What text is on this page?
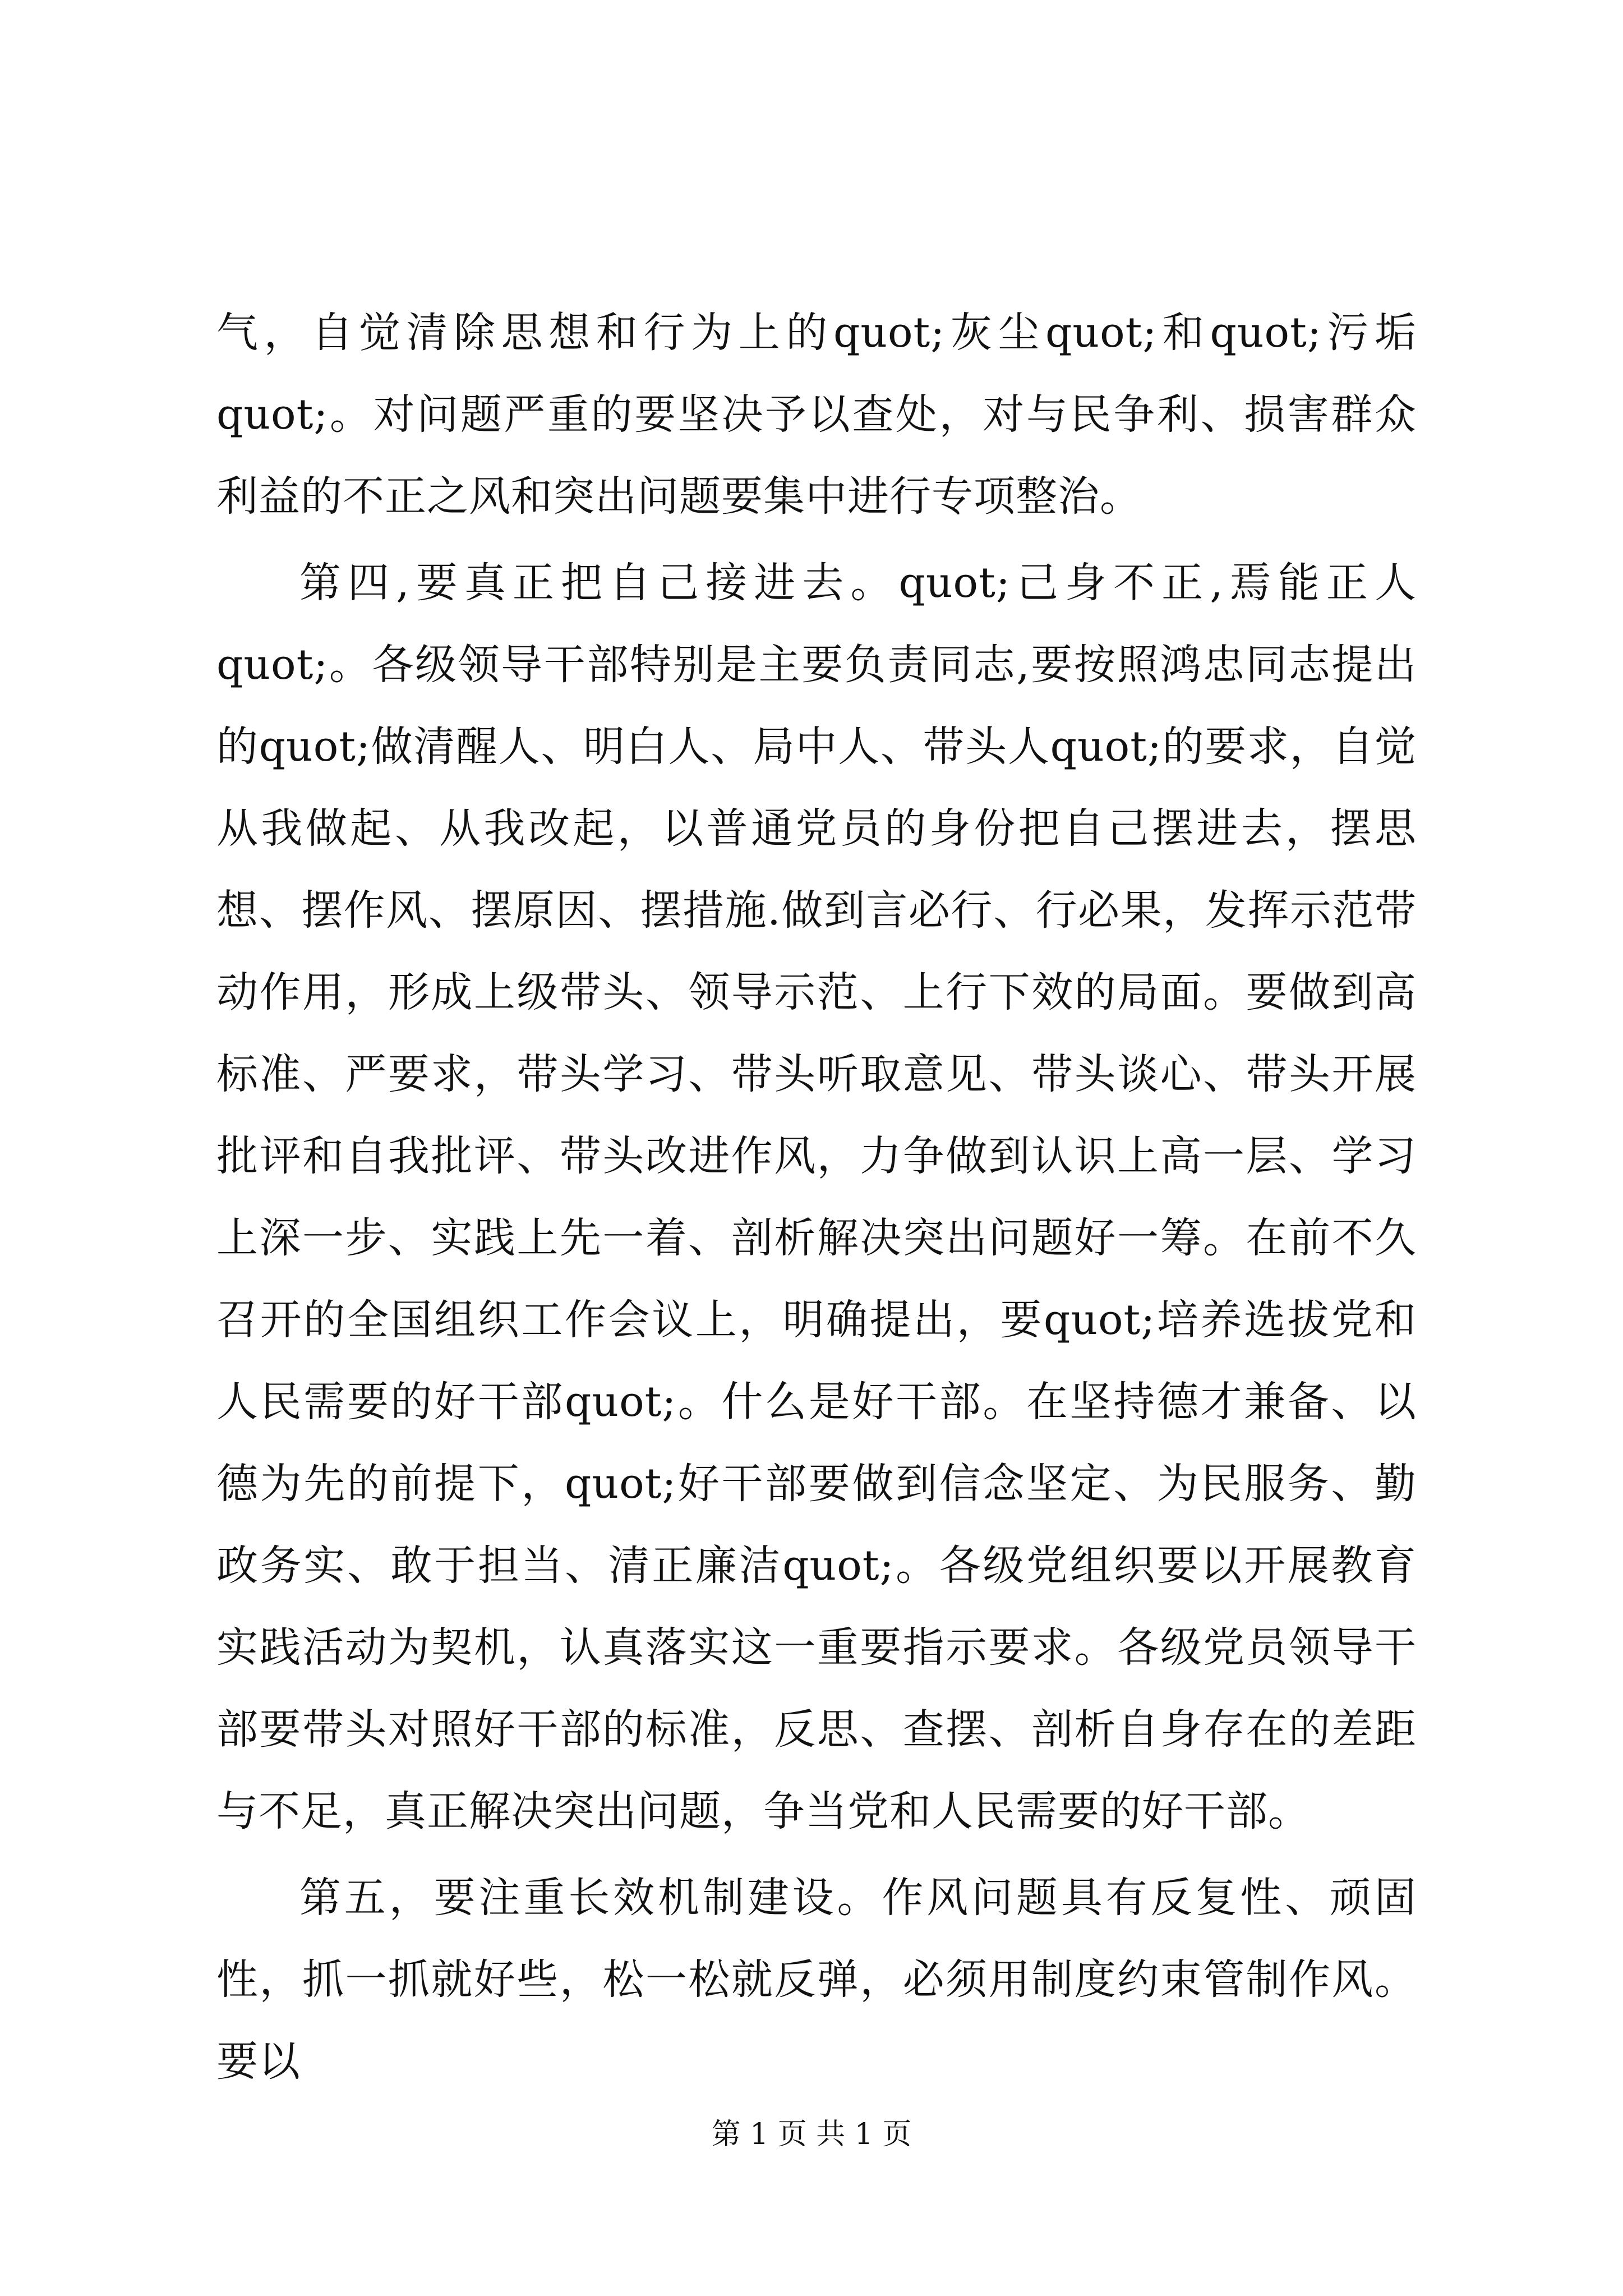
气，自觉清除思想和行为上的quot;灰尘quot;和quot;污垢quot;。对问题严重的要坚决予以查处，对与民争利、损害群众利益的不正之风和突出问题要集中进行专项整治。

第四,要真正把自己接进去。quot;己身不正,焉能正人quot;。各级领导干部特别是主要负责同志,要按照鸿忠同志提出的quot;做清醒人、明白人、局中人、带头人quot;的要求，自觉从我做起、从我改起，以普通党员的身份把自己摆进去，摆思想、摆作风、摆原因、摆措施.做到言必行、行必果，发挥示范带动作用，形成上级带头、领导示范、上行下效的局面。要做到高标准、严要求，带头学习、带头听取意见、带头谈心、带头开展批评和自我批评、带头改进作风，力争做到认识上高一层、学习上深一步、实践上先一着、剖析解决突出问题好一筹。在前不久召开的全国组织工作会议上，明确提出，要quot;培养选拔党和人民需要的好干部quot;。什么是好干部。在坚持德才兼备、以德为先的前提下，quot;好干部要做到信念坚定、为民服务、勤政务实、敢于担当、清正廉洁quot;。各级党组织要以开展教育实践活动为契机，认真落实这一重要指示要求。各级党员领导干部要带头对照好干部的标准，反思、查摆、剖析自身存在的差距与不足，真正解决突出问题，争当党和人民需要的好干部。

第五，要注重长效机制建设。作风问题具有反复性、顽固性，抓一抓就好些，松一松就反弹，必须用制度约束管制作风。要以

第 1 页 共 1 页
